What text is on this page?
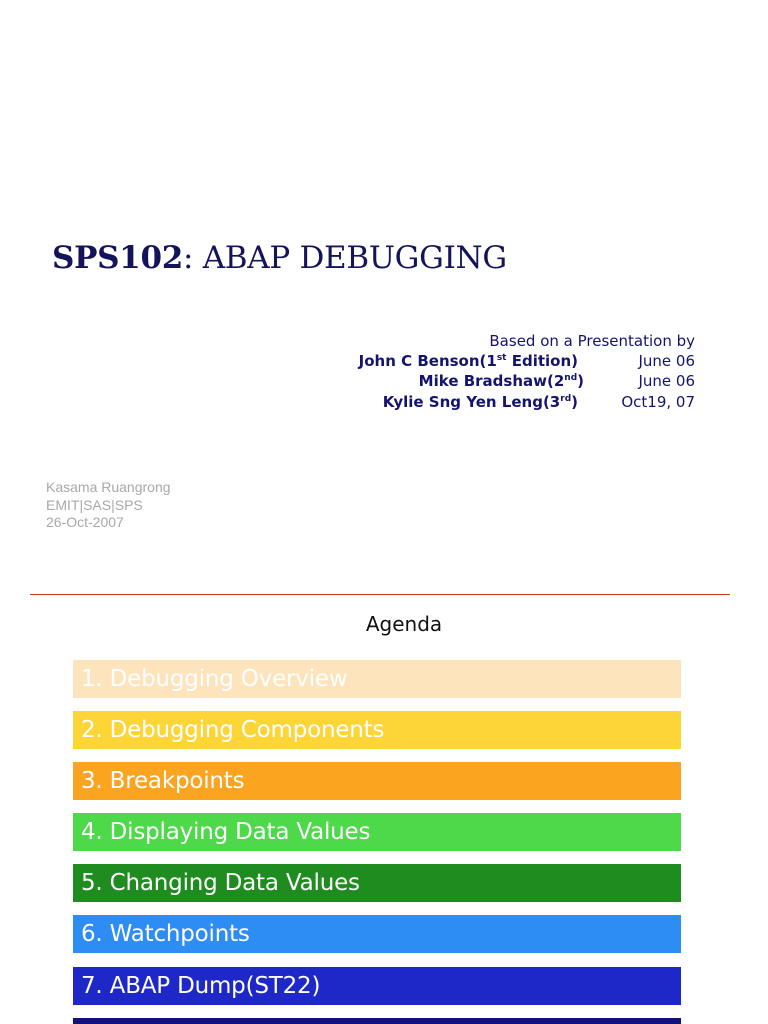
SPS102: ABAP DEBUGGING
Based on a Presentation by
John C Benson(1st Edition)	June 06
Mike Bradshaw(2nd)	June 06
Kylie Sng Yen Leng(3rd)	Oct19, 07
Kasama Ruangrong
EMIT|SAS|SPS
26-Oct-2007
Agenda
1. Debugging Overview
2. Debugging Components
3. Breakpoints
4. Displaying Data Values
5. Changing Data Values
6. Watchpoints
7. ABAP Dump(ST22)
